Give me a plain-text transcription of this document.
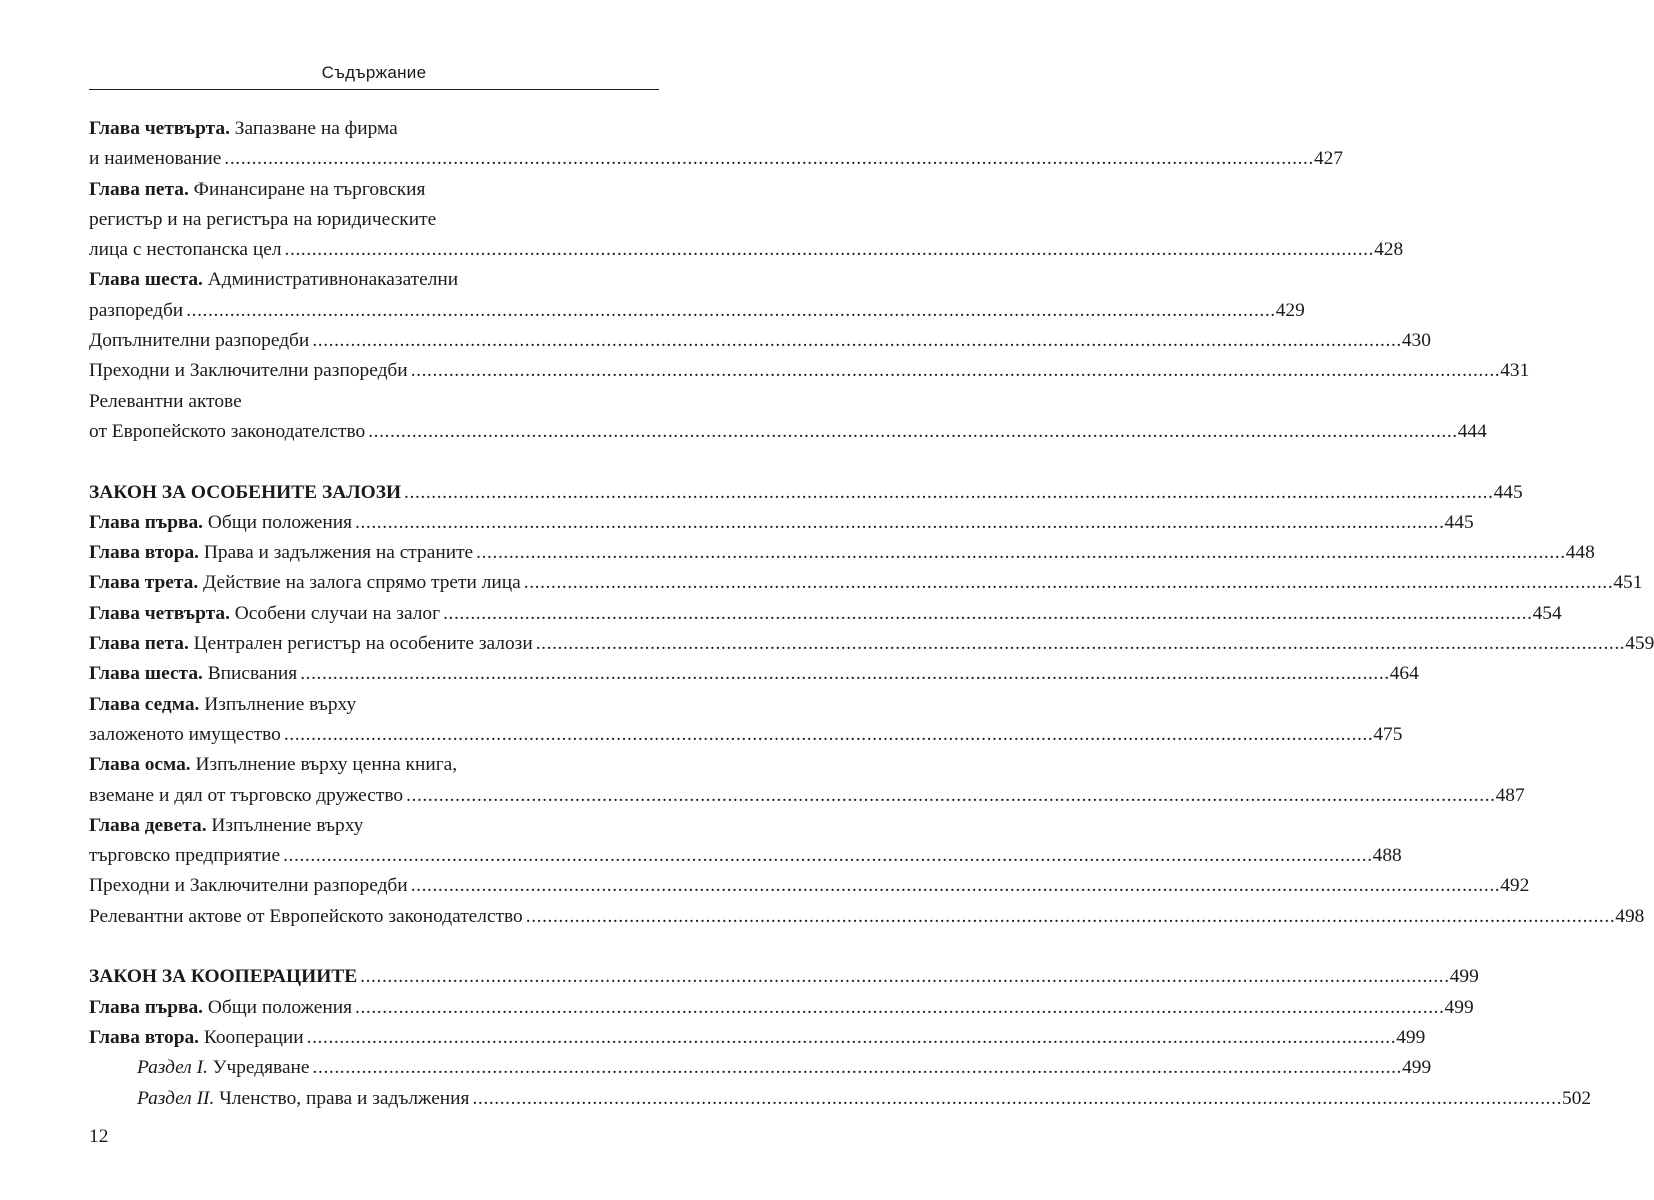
Съдържание
Глава четвърта. Запазване на фирма
и наименование .....	427
Глава пета. Финансиране на търговския
регистър и на регистъра на юридическите
лица с нестопанска цел .....	428
Глава шеста. Административнонаказателни
разпоредби .....	429
Допълнителни разпоредби .....	430
Преходни и Заключителни разпоредби .....	431
Релевантни актове
от Европейското законодателство .....	444
ЗАКОН ЗА ОСОБЕНИТЕ ЗАЛОЗИ .....	445
Глава първа. Общи положения .....	445
Глава втора. Права и задължения на страните .....	448
Глава трета. Действие на залога спрямо трети лица .....	451
Глава четвърта. Особени случаи на залог .....	454
Глава пета. Централен регистър на особените залози .....	459
Глава шеста. Вписвания .....	464
Глава седма. Изпълнение върху
заложеното имущество .....	475
Глава осма. Изпълнение върху ценна книга,
вземане и дял от търговско дружество .....	487
Глава девета. Изпълнение върху
търговско предприятие .....	488
Преходни и Заключителни разпоредби .....	492
Релевантни актове от Европейското законодателство .....	498
ЗАКОН ЗА КООПЕРАЦИИТЕ .....	499
Глава първа. Общи положения .....	499
Глава втора. Кооперации .....	499
Раздел I. Учредяване .....	499
Раздел II. Членство, права и задължения .....	502
12
